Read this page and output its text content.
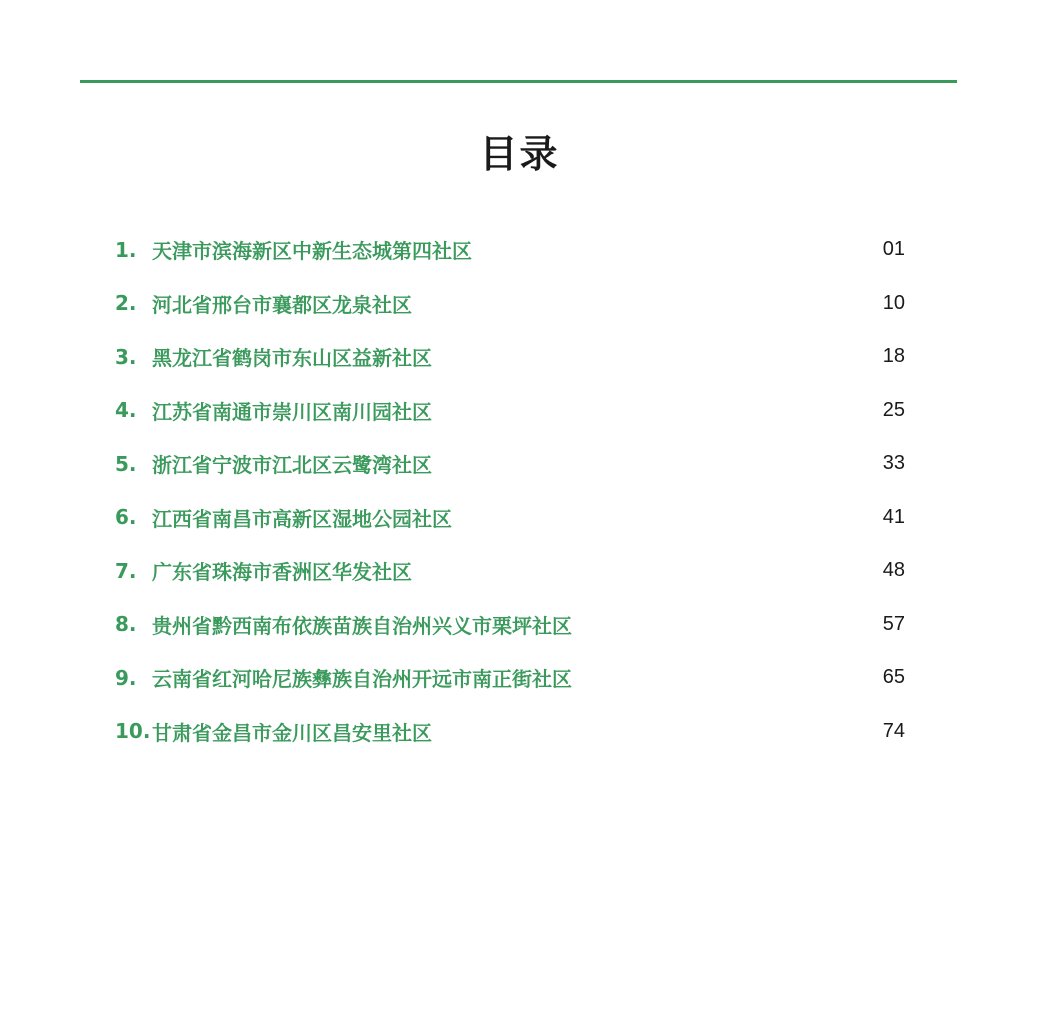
目录
1. 天津市滨海新区中新生态城第四社区	01
2. 河北省邢台市襄都区龙泉社区	10
3. 黑龙江省鹤岗市东山区益新社区	18
4. 江苏省南通市崇川区南川园社区	25
5. 浙江省宁波市江北区云鹭湾社区	33
6. 江西省南昌市高新区湿地公园社区	41
7. 广东省珠海市香洲区华发社区	48
8. 贵州省黔西南布依族苗族自治州兴义市栗坪社区	57
9. 云南省红河哈尼族彝族自治州开远市南正街社区	65
10. 甘肃省金昌市金川区昌安里社区	74
